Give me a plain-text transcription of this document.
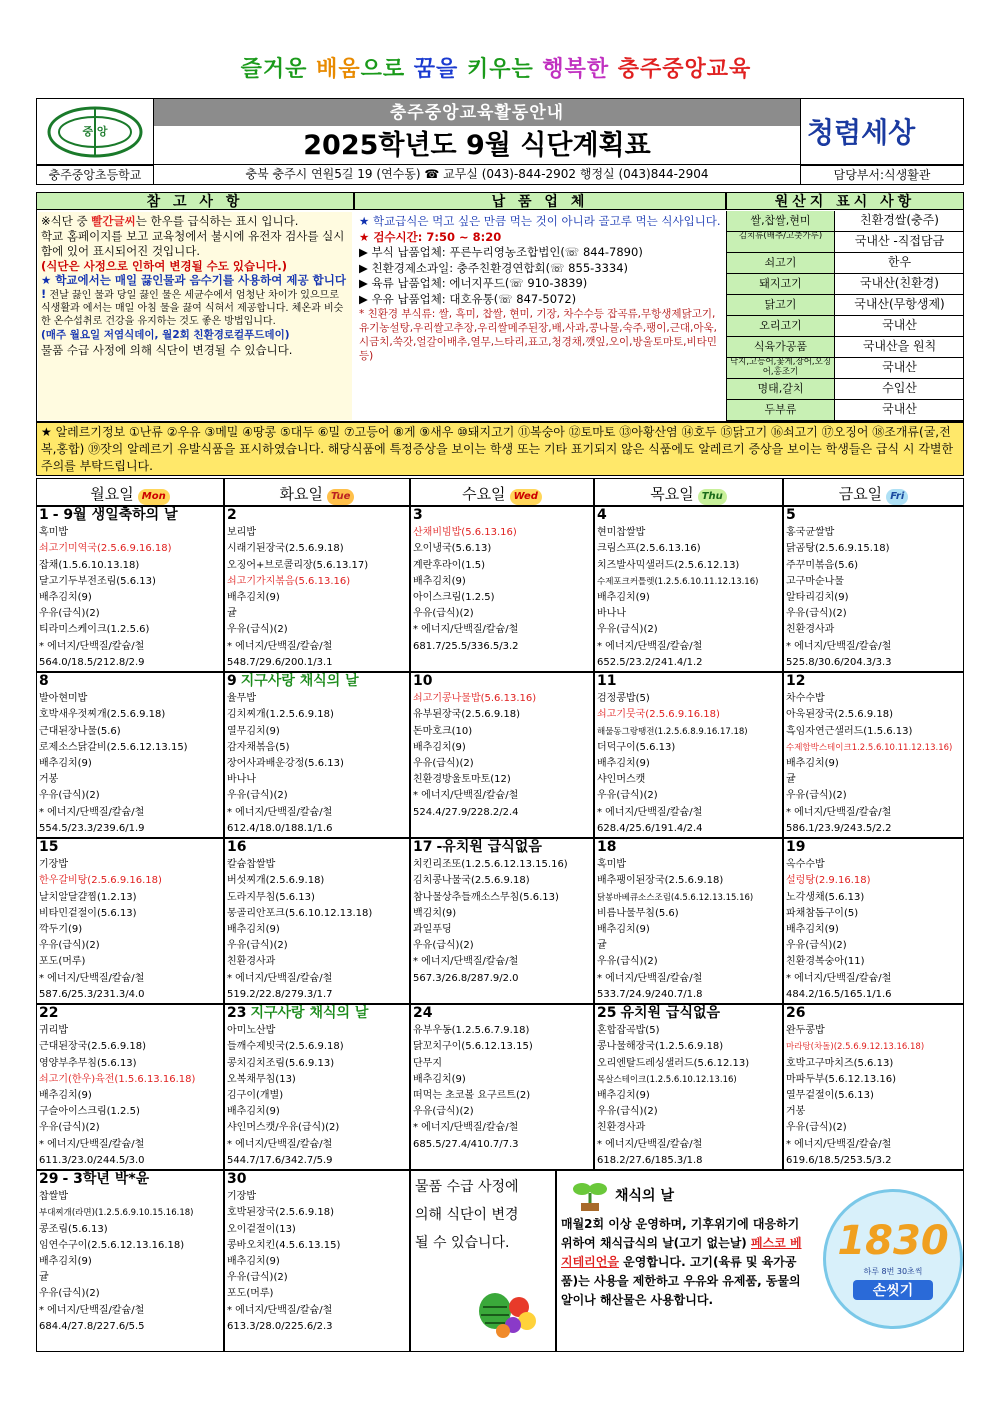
즐거운 배움으로 꿈을 키우는 행복한 충주중앙교육
중 앙
충주중앙교육활동안내
2025학년도 9월 식단계획표	청렴세상
충주중앙초등학교	충북 충주시 연원5길 19 (연수동) ☎ 교무실 (043)-844-2902 행정실 (043)844-2904	담당부서:식생활관
참 고 사 항	납 품 업 체	원산지 표시 사항
※식단 중 빨간글씨는 한우를 급식하는 표시 입니다.
학교 홈페이지를 보고 교육청에서 불시에 유전자 검사를 실시함에 있어 표시되어진 것입니다.
(식단은 사정으로 인하여 변경될 수도 있습니다.)
★ 학교에서는 매일 끓인물과 음수기를 사용하여 제공 합니다 ! 전날 끓인 물과 당일 끓인 물은 세균수에서 엄청난 차이가 있으므로 식생활과 에서는 매일 아침 물을 끓여 식혀서 제공합니다. 체온과 비슷한 온수섭취로 건강을 유지하는 것도 좋은 방법입니다.
(매주 월요일 저염식데이, 월2회 친환경로컬푸드데이)
물품 수급 사정에 의해 식단이 변경될 수 있습니다.
★ 학교급식은 먹고 싶은 만큼 먹는 것이 아니라 골고루 먹는 식사입니다.
★ 검수시간: 7:50 ~ 8:20
▶ 부식 납품업체: 푸른누리영농조합법인(☏ 844-7890)
▶ 친환경제소과일: 충주친환경연합회(☏ 855-3334)
▶ 육류 납품업체: 에너지푸드(☏ 910-3839)
▶ 우유 납품업체: 대호유통(☏ 847-5072)
* 친환경 부식류: 쌀, 흑미, 찹쌀, 현미, 기장, 차수수등 잡곡류,무항생제닭고기,유기농설탕,우리쌀고추장,우리쌀메주된장,배,사과,콩나물,숙주,팽이,근대,아욱,시금치,쑥갓,얼갈이배추,열무,느타리,표고,청경채,깻잎,오이,방울토마토,비타민 등)
쌀,찹쌀,현미	친환경쌀(충주)
김치류(배추/고춧가루)	국내산 -직접담금
쇠고기	한우
돼지고기	국내산(친환경)
닭고기	국내산(무항생제)
오리고기	국내산
식육가공품	국내산을 원칙
낙지,고등어,꽃게,장어,오징어,홍조기	국내산
명태,갈치	수입산
두부류	국내산
★ 알레르기정보 ①난류 ②우유 ③메밀 ④땅콩 ⑤대두 ⑥밀 ⑦고등어 ⑧게 ⑨새우 ⑩돼지고기 ⑪복숭아 ⑫토마토 ⑬아황산염 ⑭호두 ⑮닭고기 ⑯쇠고기 ⑰오징어 ⑱조개류(굴,전복,홍합) ⑲잣의 알레르기 유발식품을 표시하였습니다. 해당식품에 특정증상을 보이는 학생 또는 기타 표기되지 않은 식품에도 알레르기 증상을 보이는 학생들은 급식 시 각별한 주의를 부탁드립니다.
월요일 Mon	화요일 Tue	수요일 Wed	목요일 Thu	금요일 Fri
1 - 9월 생일축하의 날
혹미밥
쇠고기미역국(2.5.6.9.16.18)
잡채(1.5.6.10.13.18)
달고기두부전조림(5.6.13)
배추김치(9)
우유(급식)(2)
티라미스케이크(1.2.5.6)
* 에너지/단백질/칼슘/철
564.0/18.5/212.8/2.9
2
보리밥
시래기된장국(2.5.6.9.18)
오징어+브로콜리장(5.6.13.17)
쇠고기가지볶음(5.6.13.16)
배추김치(9)
귤
우유(급식)(2)
* 에너지/단백질/칼슘/철
548.7/29.6/200.1/3.1
3
산채비빔밥(5.6.13.16)
오이냉국(5.6.13)
계란후라이(1.5)
배추김치(9)
아이스크림(1.2.5)
우유(급식)(2)
* 에너지/단백질/칼슘/철
681.7/25.5/336.5/3.2
4
현미찹쌀밥
크림스프(2.5.6.13.16)
치즈발사믹샐러드(2.5.6.12.13)
수제포크커틀렛(1.2.5.6.10.11.12.13.16)
배추김치(9)
바나나
우유(급식)(2)
* 에너지/단백질/칼슘/철
652.5/23.2/241.4/1.2
5
홍국균쌀밥
닭곰탕(2.5.6.9.15.18)
주꾸미볶음(5.6)
고구마순나물
알타리김치(9)
우유(급식)(2)
친환경사과
* 에너지/단백질/칼슘/철
525.8/30.6/204.3/3.3
8
발아현미밥
호박새우젓찌개(2.5.6.9.18)
근대된장나물(5.6)
로제소스닭갈비(2.5.6.12.13.15)
배추김치(9)
거봉
우유(급식)(2)
* 에너지/단백질/칼슘/철
554.5/23.3/239.6/1.9
9 지구사랑 채식의 날
율무밥
김치찌개(1.2.5.6.9.18)
열무김치(9)
감자채볶음(5)
장어사과배운강정(5.6.13)
바나나
우유(급식)(2)
* 에너지/단백질/칼슘/철
612.4/18.0/188.1/1.6
10
쇠고기콩나물밥(5.6.13.16)
유부된장국(2.5.6.9.18)
돈마호크(10)
배추김치(9)
우유(급식)(2)
친환경방울토마토(12)
* 에너지/단백질/칼슘/철
524.4/27.9/228.2/2.4
11
검정콩밥(5)
쇠고기뭇국(2.5.6.9.16.18)
해물동그랑땡전(1.2.5.6.8.9.16.17.18)
더덕구이(5.6.13)
배추김치(9)
샤인머스캣
우유(급식)(2)
* 에너지/단백질/칼슘/철
628.4/25.6/191.4/2.4
12
차수수밥
아욱된장국(2.5.6.9.18)
흑임자연근샐러드(1.5.6.13)
수제함박스테이크1.2.5.6.10.11.12.13.16)
배추김치(9)
귤
우유(급식)(2)
* 에너지/단백질/칼슘/철
586.1/23.9/243.5/2.2
15
기장밥
한우갈비탕(2.5.6.9.16.18)
날치알달걀찜(1.2.13)
비타민겉절이(5.6.13)
깍두기(9)
우유(급식)(2)
포도(머루)
* 에너지/단백질/칼슘/철
587.6/25.3/231.3/4.0
16
칼슘찹쌀밥
버섯찌개(2.5.6.9.18)
도라지무침(5.6.13)
몽골리안포크(5.6.10.12.13.18)
배추김치(9)
우유(급식)(2)
친환경사과
* 에너지/단백질/칼슘/철
519.2/22.8/279.3/1.7
17 -유치원 급식없음
치킨리조또(1.2.5.6.12.13.15.16)
김치콩나물국(2.5.6.9.18)
참나물상추들깨소스무침(5.6.13)
백김치(9)
과일푸딩
우유(급식)(2)
* 에너지/단백질/칼슘/철
567.3/26.8/287.9/2.0
18
혹미밥
배추팽이된장국(2.5.6.9.18)
닭봉바베큐소스조림(4.5.6.12.13.15.16)
비름나물무침(5.6)
배추김치(9)
귤
우유(급식)(2)
* 에너지/단백질/칼슘/철
533.7/24.9/240.7/1.8
19
옥수수밥
설렁탕(2.9.16.18)
노각생채(5.6.13)
파채참돔구이(5)
배추김치(9)
우유(급식)(2)
친환경복숭아(11)
* 에너지/단백질/칼슘/철
484.2/16.5/165.1/1.6
22
귀리밥
근대된장국(2.5.6.9.18)
영양부추무침(5.6.13)
쇠고기(한우)육전(1.5.6.13.16.18)
배추김치(9)
구슬아이스크림(1.2.5)
우유(급식)(2)
* 에너지/단백질/칼슘/철
611.3/23.0/244.5/3.0
23 지구사랑 채식의 날
아미노산밥
들깨수제빗국(2.5.6.9.18)
콩치김치조림(5.6.9.13)
오복채무침(13)
김구이(개별)
배추김치(9)
샤인머스캣/우유(급식)(2)
* 에너지/단백질/칼슘/철
544.7/17.6/342.7/5.9
24
유부우동(1.2.5.6.7.9.18)
닭꼬치구이(5.6.12.13.15)
단무지
배추김치(9)
떠먹는 초코볼 요구르트(2)
우유(급식)(2)
* 에너지/단백질/칼슘/철
685.5/27.4/410.7/7.3
25 유치원 급식없음
혼합잡곡밥(5)
콩나물해장국(1.2.5.6.9.18)
오리엔탈드레싱샐러드(5.6.12.13)
목살스테이크(1.2.5.6.10.12.13.16)
배추김치(9)
우유(급식)(2)
친환경사과
* 에너지/단백질/칼슘/철
618.2/27.6/185.3/1.8
26
완두콩밥
마라탕(차돌)(2.5.6.9.12.13.16.18)
호박고구마치즈(5.6.13)
마파두부(5.6.12.13.16)
열무겉절이(5.6.13)
거봉
우유(급식)(2)
* 에너지/단백질/칼슘/철
619.6/18.5/253.5/3.2
29 - 3학년 박*윤
찹쌀밥
부대찌개(라면)(1.2.5.6.9.10.15.16.18)
콩조림(5.6.13)
임연수구이(2.5.6.12.13.16.18)
배추김치(9)
귤
우유(급식)(2)
* 에너지/단백질/칼슘/철
684.4/27.8/227.6/5.5
30
기장밥
호박된장국(2.5.6.9.18)
오이겉절이(13)
콩바오치킨(4.5.6.13.15)
배추김치(9)
우유(급식)(2)
포도(머루)
* 에너지/단백질/칼슘/철
613.3/28.0/225.6/2.3
물품 수급 사정에 의해 식단이 변경될 수 있습니다.
채식의 날
매월2회 이상 운영하며, 기후위기에 대응하기 위하여 채식급식의 날(고기 없는날) 페스코 베지테리언을 운영합니다. 고기(육류 및 육가공품)는 사용을 제한하고 우유와 유제품, 동물의 알이나 해산물은 사용합니다.
1830
하루 8번 30초씩
손씻기
